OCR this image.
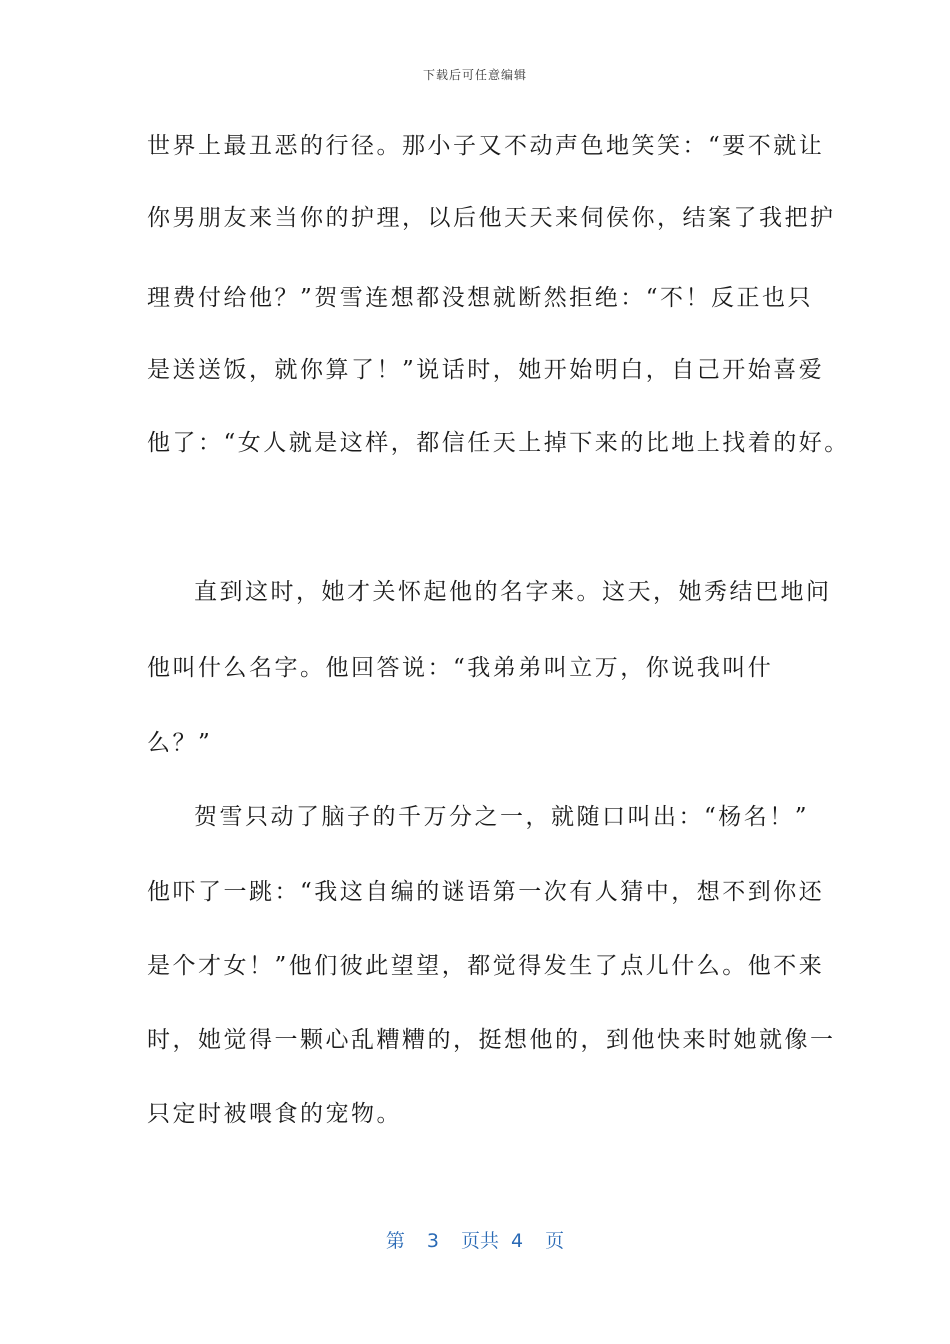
下载后可任意编辑
世界上最丑恶的行径。那小子又不动声色地笑笑：“要不就让
你男朋友来当你的护理，以后他天天来伺侯你，结案了我把护
理费付给他？”贺雪连想都没想就断然拒绝：“不！反正也只
是送送饭，就你算了！”说话时，她开始明白，自己开始喜爱
他了：“女人就是这样，都信任天上掉下来的比地上找着的好。
直到这时，她才关怀起他的名字来。这天，她秀结巴地问
他叫什么名字。他回答说：“我弟弟叫立万，你说我叫什
么？”
贺雪只动了脑子的千万分之一，就随口叫出：“杨名！”
他吓了一跳：“我这自编的谜语第一次有人猜中，想不到你还
是个才女！”他们彼此望望，都觉得发生了点儿什么。他不来
时，她觉得一颗心乱糟糟的，挺想他的，到他快来时她就像一
只定时被喂食的宠物。
第 3 页共 4 页
